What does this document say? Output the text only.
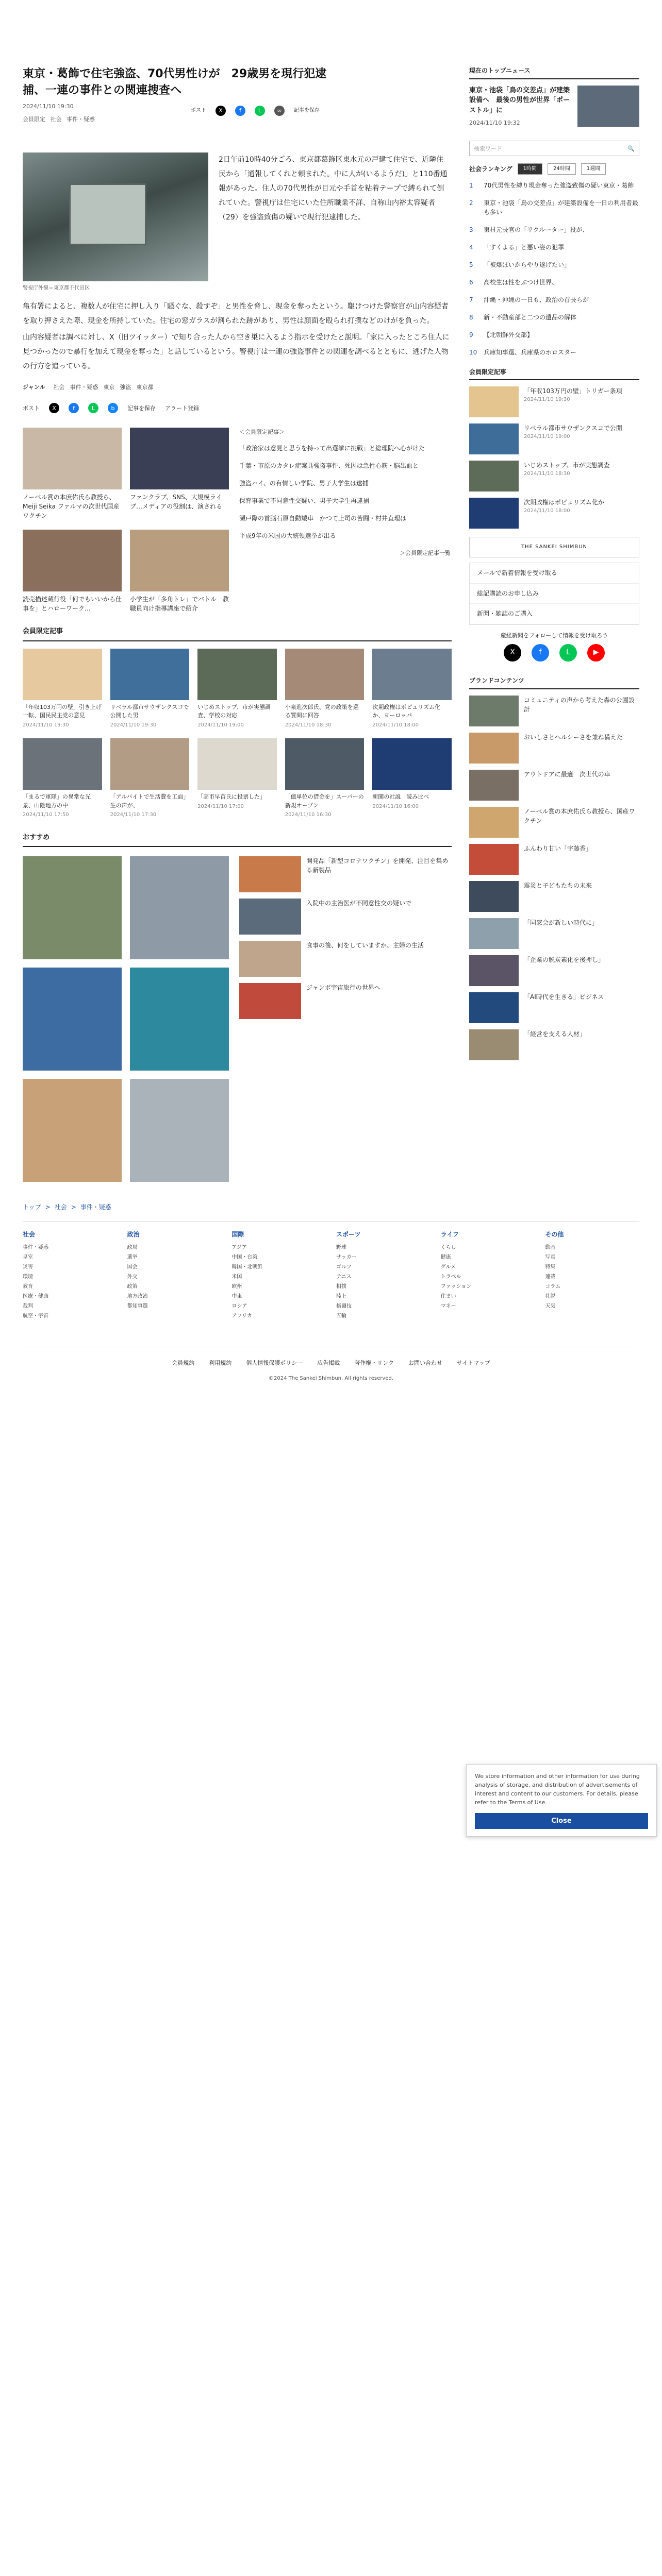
東京・葛飾で住宅強盗、70代男性けが　29歳男を現行犯逮捕、一連の事件との関連捜査へ
2024/11/10 19:30
会員限定 社会 事件・疑惑
警視庁外観＝東京都千代田区

2日午前10時40分ごろ、東京都葛飾区東水元の戸建て住宅で、近隣住民から「通報してくれと頼まれた。中に人が(いるようだ)」と110番通報があった。住人の70代男性が目元や手首を粘着テープで縛られて倒れていた。警視庁は住宅にいた住所職業不詳、自称山内裕太容疑者（29）を強盗致傷の疑いで現行犯逮捕した。

亀有署によると、複数人が住宅に押し入り「騒ぐな、殺すぞ」と男性を脅し、現金を奪ったという。駆けつけた警察官が山内容疑者を取り押さえた際、現金を所持していた。住宅の窓ガラスが割られた跡があり、男性は顔面を殴られ打撲などのけがを負った。

山内容疑者は調べに対し、X（旧ツイッター）で知り合った人から空き巣に入るよう指示を受けたと説明。「家に入ったところ住人に見つかったので暴行を加えて現金を奪った」と話しているという。警視庁は一連の強盗事件との関連を調べるとともに、逃げた人物の行方を追っている。

ジャンル 社会 事件・疑惑 東京 強盗 東京都
ポスト	X	f	L	b	記事を保存 アラート登録
ノーベル賞の本庶佑氏ら教授ら、Meiji Seika ファルマの次世代国産ワクチン
ファンクラブ、SNS、大規模ライブ…メディアの役割は、演される
読売描述蔵行役「何でもいいから仕事を」とハローワーク…
小学生が「多角トレ」でバトル　教職員向け指導講座で紹介
＜会員限定記事＞
「政治家は意見と思うを持って出選挙に挑戦」と総理院へ心がけた
千葉・市原のカタレ症案具強盗事件、死因は急性心筋・脳出血と
強盗ハイ、の有情しい学院、男子大学生は逮捕
保育事業で不同意性交疑い、男子大学生再逮捕
瀬戸際の首脳石原自動矮車　かつて上司の苦闘・村井直理は
平成9年の米国の大統領選挙が出る
＞会員限定記事一覧
会員限定記事
「年収103万円の壁」引き上げ一転、国民民主党の意見
2024/11/10 19:30
リベラル都市サウザンクスコで公開した男
2024/11/10 19:30
いじめストップ、市が実態調査、学校の対応
2024/11/10 19:00
小泉進次郎氏、党の政策を巡る質問に回答
2024/11/10 18:30
次期政権はポピュリズム化か、ヨーロッパ
2024/11/10 18:00
「まるで軍隊」の異常な光景、山陰地方の中
2024/11/10 17:50
「アルバイトで生活費を工面」生の声が、
2024/11/10 17:30
「高市早苗氏に投票した」
2024/11/10 17:00
「億単位の借金を」スーパーの新規オープン
2024/11/10 16:30
新聞の社説　読み比べ
2024/11/10 16:00
おすすめ
開発品「新型コロナワクチン」を開発、注目を集める新製品
入院中の主治医が不同意性交の疑いで
食事の後、何をしていますか、主婦の生活
ジャンボ宇宙旅行の世界へ
現在のトップニュース
東京・池袋「鳥の交差点」が建築設備へ　最後の男性が世界「ポーストル」に
2024/11/10 19:32
検索ワード	🔍
社会ランキング	1時間	24時間	1週間
1	70代男性を縛り現金奪った強盗致傷の疑い東京・葛飾
2	東京・池袋「鳥の交差点」が建築設備を一日の利用者最も多い
3	東村元長官の「リクルーター」投が、
4	「すくよる」と悪い姿の犯罪
5	「被爆ぽいからやり遂げたい」
6	高校生は性をぶつけ世界、
7	沖縄・沖縄の一日も、政治の首長らが
8	新・不動産部と二つの遺品の解体
9	【北朝鮮外交部】
10 兵庫知事選、兵庫県のホロスター
会員限定記事
「年収103万円の壁」トリガー条項
2024/11/10 19:30
リベラル都市サウザンクスコで公開
2024/11/10 19:00
いじめストップ、市が実態調査
2024/11/10 18:30
次期政権はポピュリズム化か
2024/11/10 18:00
THE SANKEI SHIMBUN
メールで新着情報を受け取る
総記購読のお申し込み
新聞・雑誌のご購入
産経新聞をフォローして情報を受け取ろう
X	f	L	▶
ブランドコンテンツ
コミュニティの声から考えた森の公園設計
おいしさとヘルシーさを兼ね備えた
アウトドアに最適　次世代の車
ノーベル賞の本庶佑氏ら教授ら、国産ワクチン
ふんわり甘い「宇藤香」
震災と子どもたちの未来
「同窓会が新しい時代に」
「企業の脱炭素化を後押し」
「AI時代を生きる」ビジネス
「経営を支える人材」
ポスト	X	f	L	∞	記事を保存
トップ > 社会 > 事件・疑惑
社会
事件・疑惑
皇室
災害
環境
教育
医療・健康
裁判
航空・宇宙
政治
政局
選挙
国会
外交
政策
地方政治
都知事選
国際
アジア
中国・台湾
韓国・北朝鮮
米国
欧州
中東
ロシア
アフリカ
スポーツ
野球
サッカー
ゴルフ
テニス
相撲
陸上
格闘技
五輪
ライフ
くらし
健康
グルメ
トラベル
ファッション
住まい
マネー
その他
動画
写真
特集
連載
コラム
社説
天気
会員規約	利用規約	個人情報保護ポリシー	広告掲載	著作権・リンク	お問い合わせ	サイトマップ
©2024 The Sankei Shimbun. All rights reserved.
We store information and other information for use during analysis of storage, and distribution of advertisements of interest and content to our customers. For details, please refer to the Terms of Use.
Close
